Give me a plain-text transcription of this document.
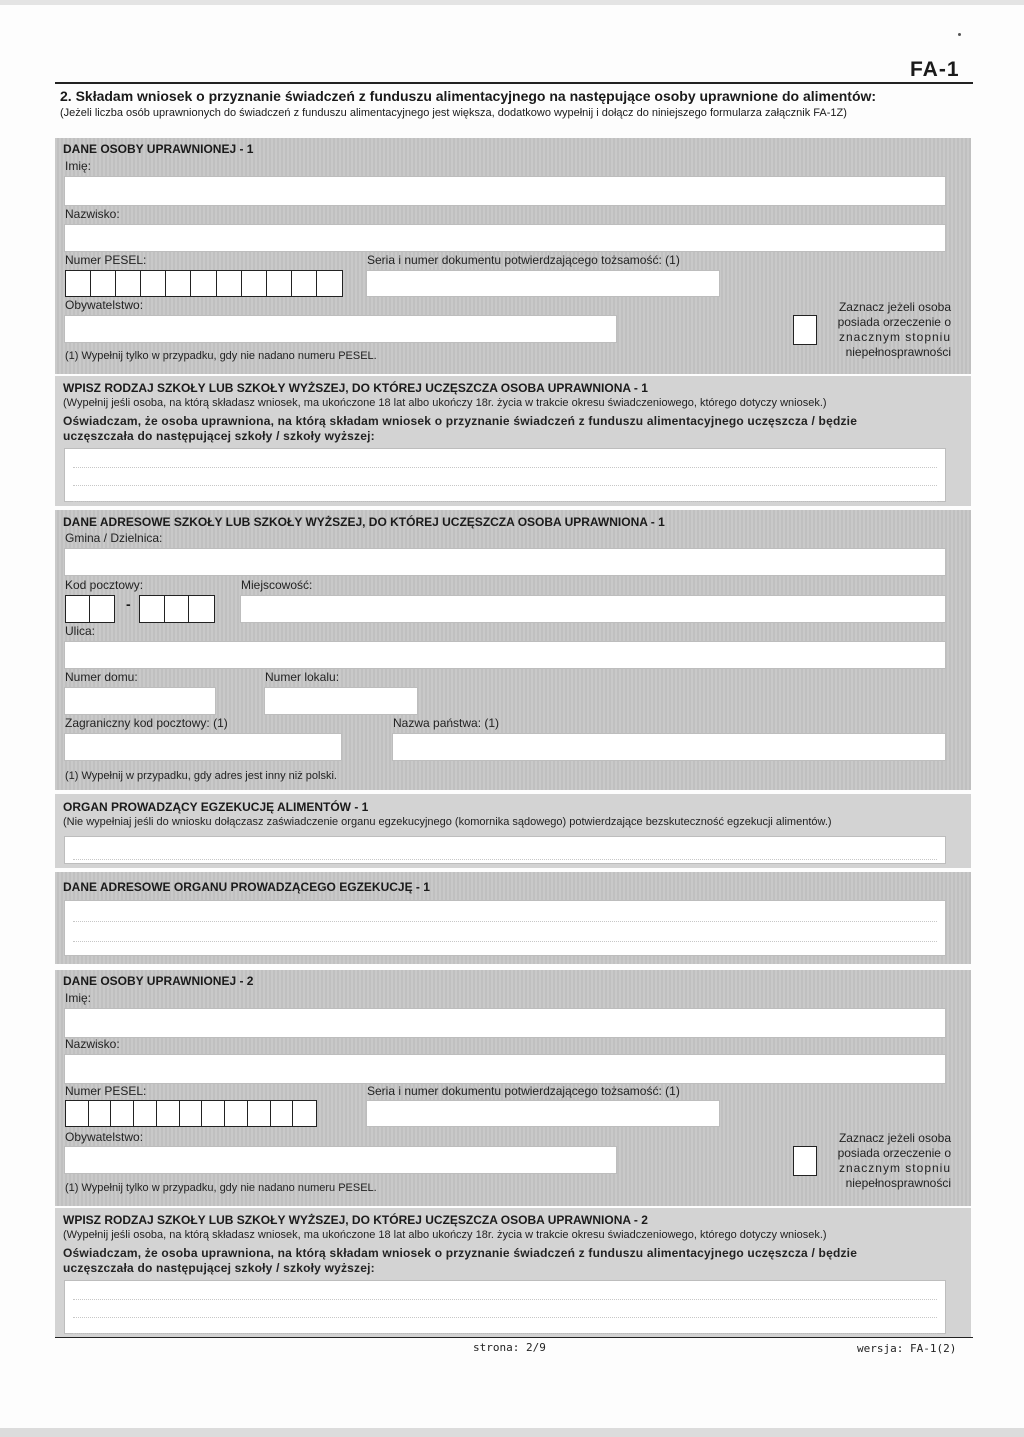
FA-1
2. Składam wniosek o przyznanie świadczeń z funduszu alimentacyjnego na następujące osoby uprawnione do alimentów:
(Jeżeli liczba osób uprawnionych do świadczeń z funduszu alimentacyjnego jest większa, dodatkowo wypełnij i dołącz do niniejszego formularza załącznik FA-1Z)
DANE OSOBY UPRAWNIONEJ - 1
Imię:
Nazwisko:
Numer PESEL:	Seria i numer dokumentu potwierdzającego tożsamość: (1)
Obywatelstwo:
(1) Wypełnij tylko w przypadku, gdy nie nadano numeru PESEL.
Zaznacz jeżeli osoba
posiada orzeczenie o
znacznym stopniu
niepełnosprawności
WPISZ RODZAJ SZKOŁY LUB SZKOŁY WYŻSZEJ, DO KTÓREJ UCZĘSZCZA OSOBA UPRAWNIONA - 1
(Wypełnij jeśli osoba, na którą składasz wniosek, ma ukończone 18 lat albo ukończy 18r. życia w trakcie okresu świadczeniowego, którego dotyczy wniosek.)
Oświadczam, że osoba uprawniona, na którą składam wniosek o przyznanie świadczeń z funduszu alimentacyjnego uczęszcza / będzie
uczęszczała do następującej szkoły / szkoły wyższej:
DANE ADRESOWE SZKOŁY LUB SZKOŁY WYŻSZEJ, DO KTÓREJ UCZĘSZCZA OSOBA UPRAWNIONA - 1
Gmina / Dzielnica:
Kod pocztowy:
-
Miejscowość:
Ulica:
Numer domu:	Numer lokalu:
Zagraniczny kod pocztowy: (1)	Nazwa państwa: (1)
(1) Wypełnij w przypadku, gdy adres jest inny niż polski.
ORGAN PROWADZĄCY EGZEKUCJĘ ALIMENTÓW - 1
(Nie wypełniaj jeśli do wniosku dołączasz zaświadczenie organu egzekucyjnego (komornika sądowego) potwierdzające bezskuteczność egzekucji alimentów.)
DANE ADRESOWE ORGANU PROWADZĄCEGO EGZEKUCJĘ - 1
DANE OSOBY UPRAWNIONEJ - 2
Imię:
Nazwisko:
Numer PESEL:	Seria i numer dokumentu potwierdzającego tożsamość: (1)
Obywatelstwo:
(1) Wypełnij tylko w przypadku, gdy nie nadano numeru PESEL.
Zaznacz jeżeli osoba
posiada orzeczenie o
znacznym stopniu
niepełnosprawności
WPISZ RODZAJ SZKOŁY LUB SZKOŁY WYŻSZEJ, DO KTÓREJ UCZĘSZCZA OSOBA UPRAWNIONA - 2
(Wypełnij jeśli osoba, na którą składasz wniosek, ma ukończone 18 lat albo ukończy 18r. życia w trakcie okresu świadczeniowego, którego dotyczy wniosek.)
Oświadczam, że osoba uprawniona, na którą składam wniosek o przyznanie świadczeń z funduszu alimentacyjnego uczęszcza / będzie
uczęszczała do następującej szkoły / szkoły wyższej:
strona: 2/9	wersja: FA-1(2)
